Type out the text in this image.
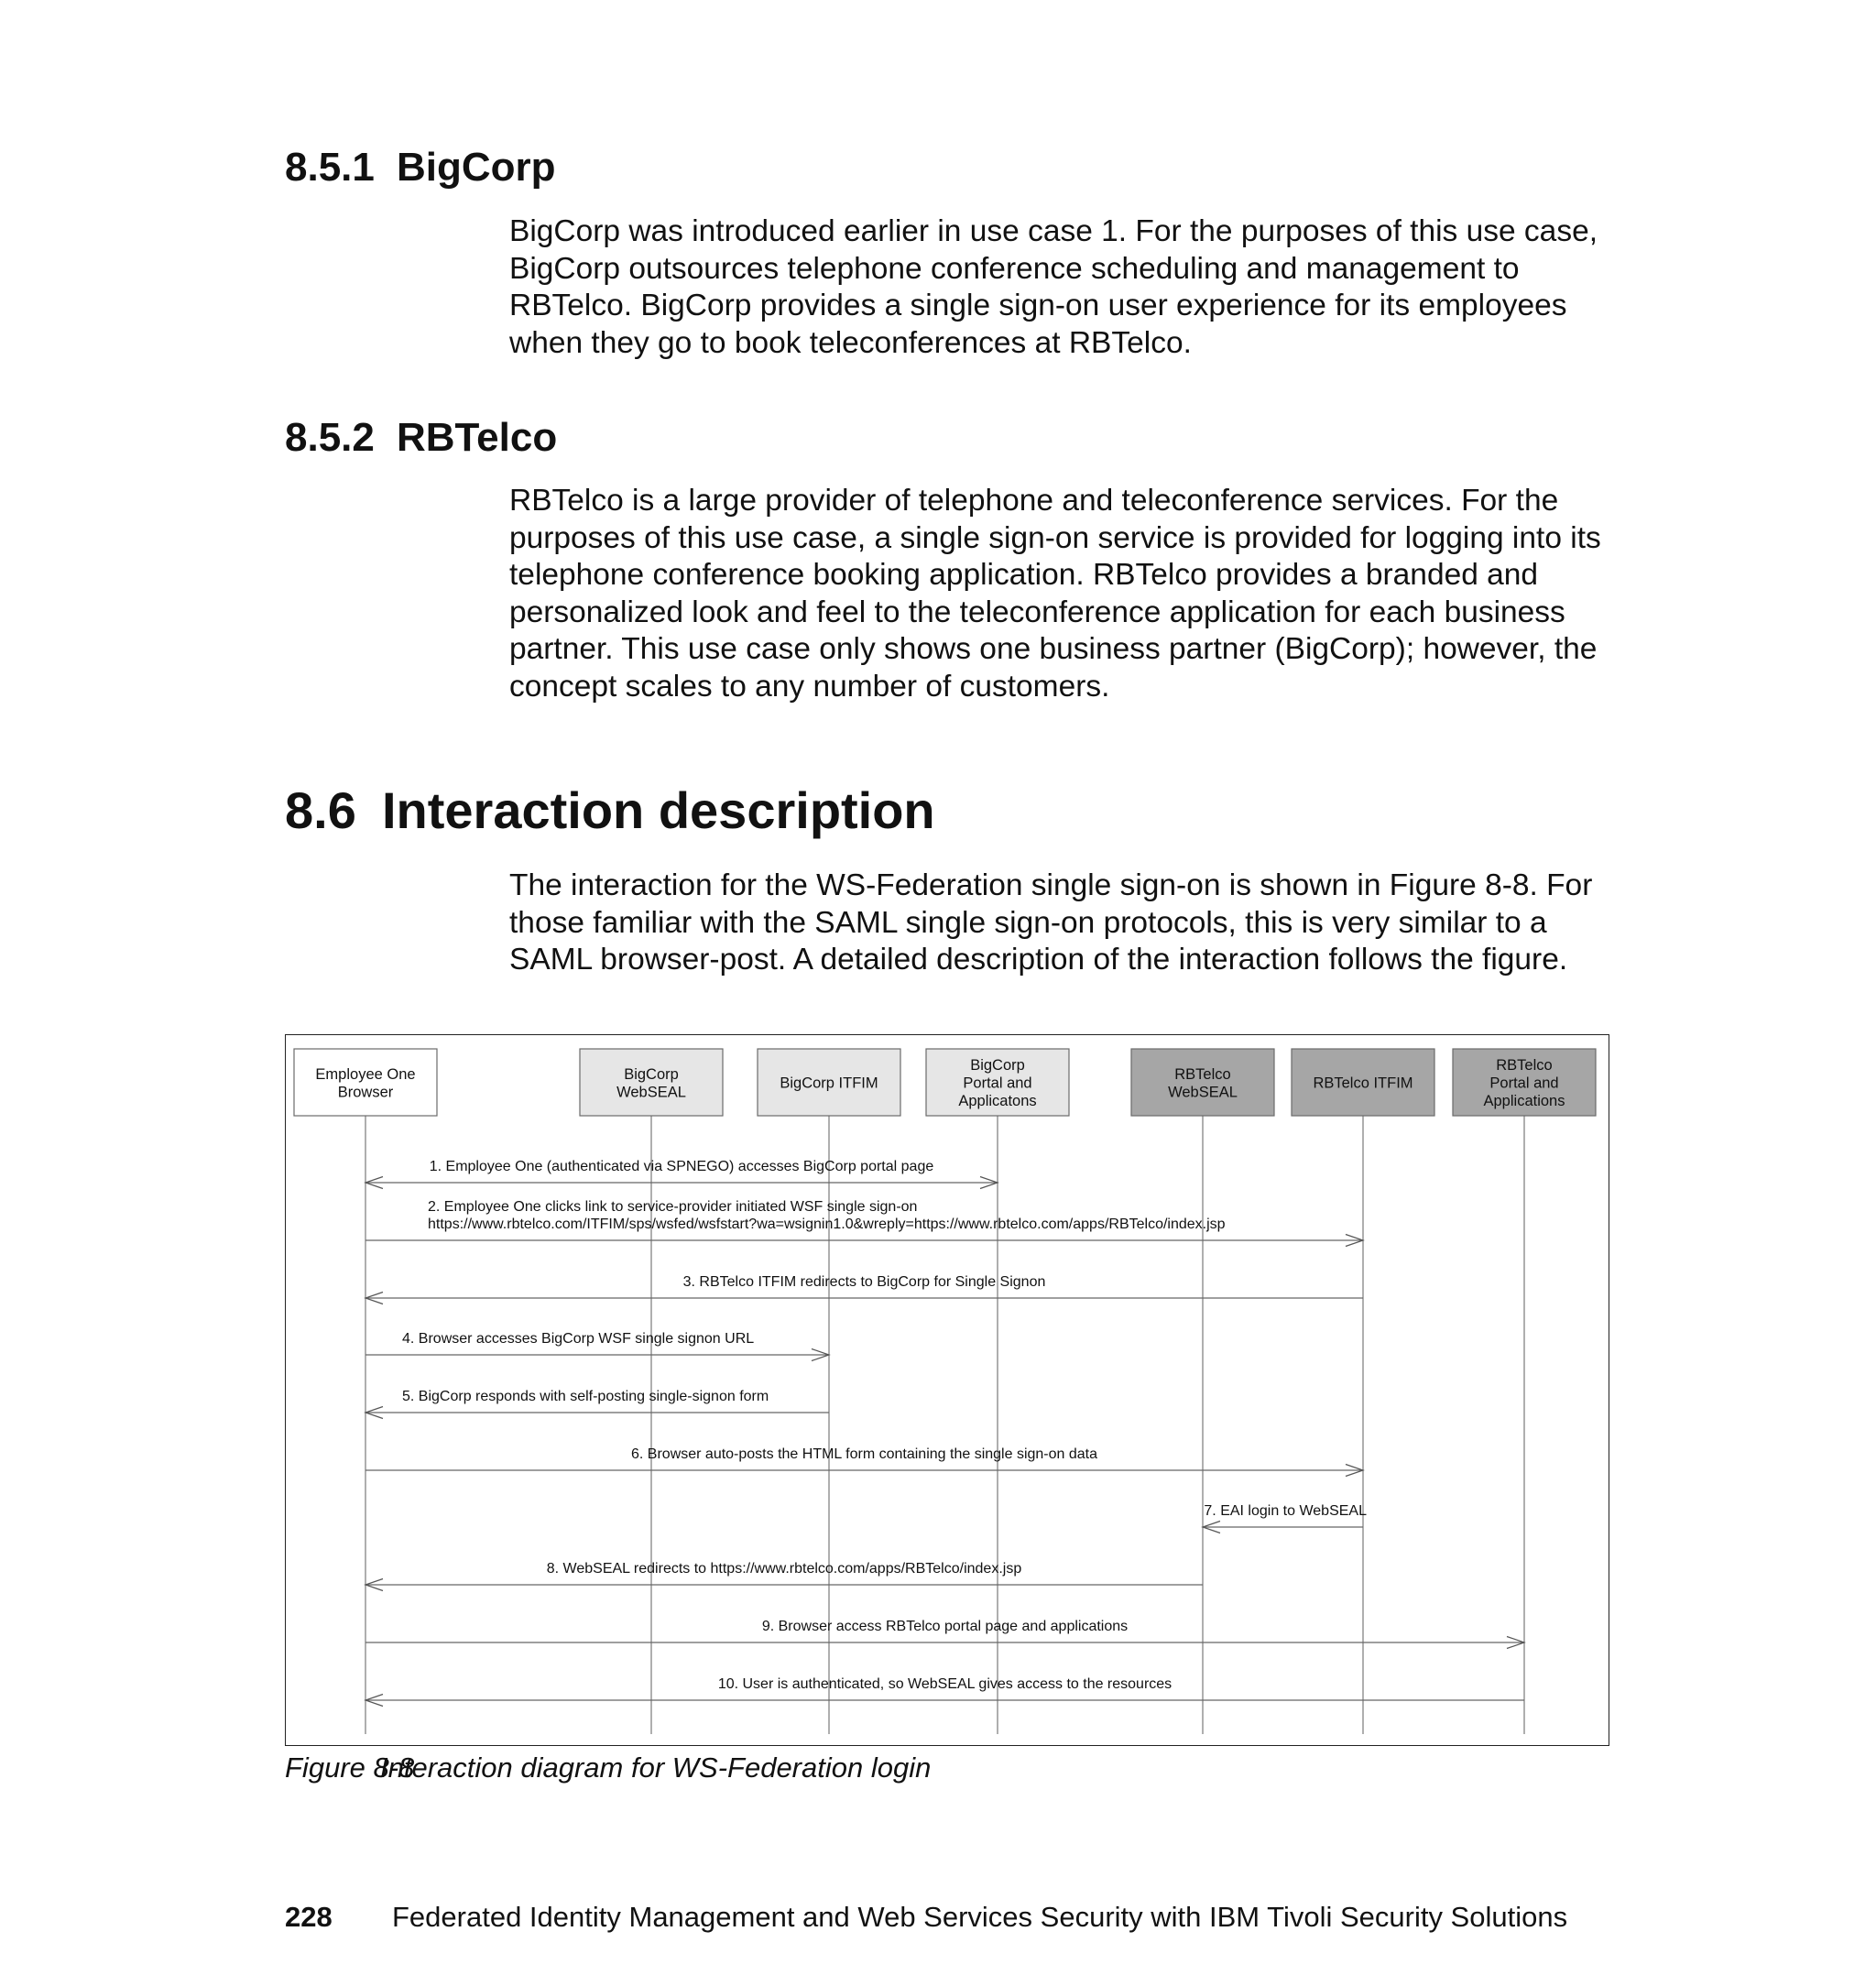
8.5.1 BigCorp

BigCorp was introduced earlier in use case 1. For the purposes of this use case,
BigCorp outsources telephone conference scheduling and management to
RBTelco. BigCorp provides a single sign-on user experience for its employees
when they go to book teleconferences at RBTelco.

8.5.2 RBTelco

RBTelco is a large provider of telephone and teleconference services. For the
purposes of this use case, a single sign-on service is provided for logging into its
telephone conference booking application. RBTelco provides a branded and
personalized look and feel to the teleconference application for each business
partner. This use case only shows one business partner (BigCorp); however, the
concept scales to any number of customers.

8.6 Interaction description

The interaction for the WS-Federation single sign-on is shown in Figure 8-8. For
those familiar with the SAML single sign-on protocols, this is very similar to a
SAML browser-post. A detailed description of the interaction follows the figure.

Employee One
Browser
BigCorp
WebSEAL
BigCorp ITFIM
BigCorp
Portal and
Applicatons
RBTelco
WebSEAL
RBTelco ITFIM
RBTelco
Portal and
Applications
1. Employee One (authenticated via SPNEGO) accesses BigCorp portal page
2. Employee One clicks link to service-provider initiated WSF single sign-on
https://www.rbtelco.com/ITFIM/sps/wsfed/wsfstart?wa=wsignin1.0&wreply=https://www.rbtelco.com/apps/RBTelco/index.jsp
3. RBTelco ITFIM redirects to BigCorp for Single Signon
4. Browser accesses BigCorp WSF single signon URL
5. BigCorp responds with self-posting single-signon form
6. Browser auto-posts the HTML form containing the single sign-on data
7. EAI login to WebSEAL
8. WebSEAL redirects to https://www.rbtelco.com/apps/RBTelco/index.jsp
9. Browser access RBTelco portal page and applications
10. User is authenticated, so WebSEAL gives access to the resources
Figure 8-8Interaction diagram for WS-Federation login
228 Federated Identity Management and Web Services Security with IBM Tivoli Security Solutions
